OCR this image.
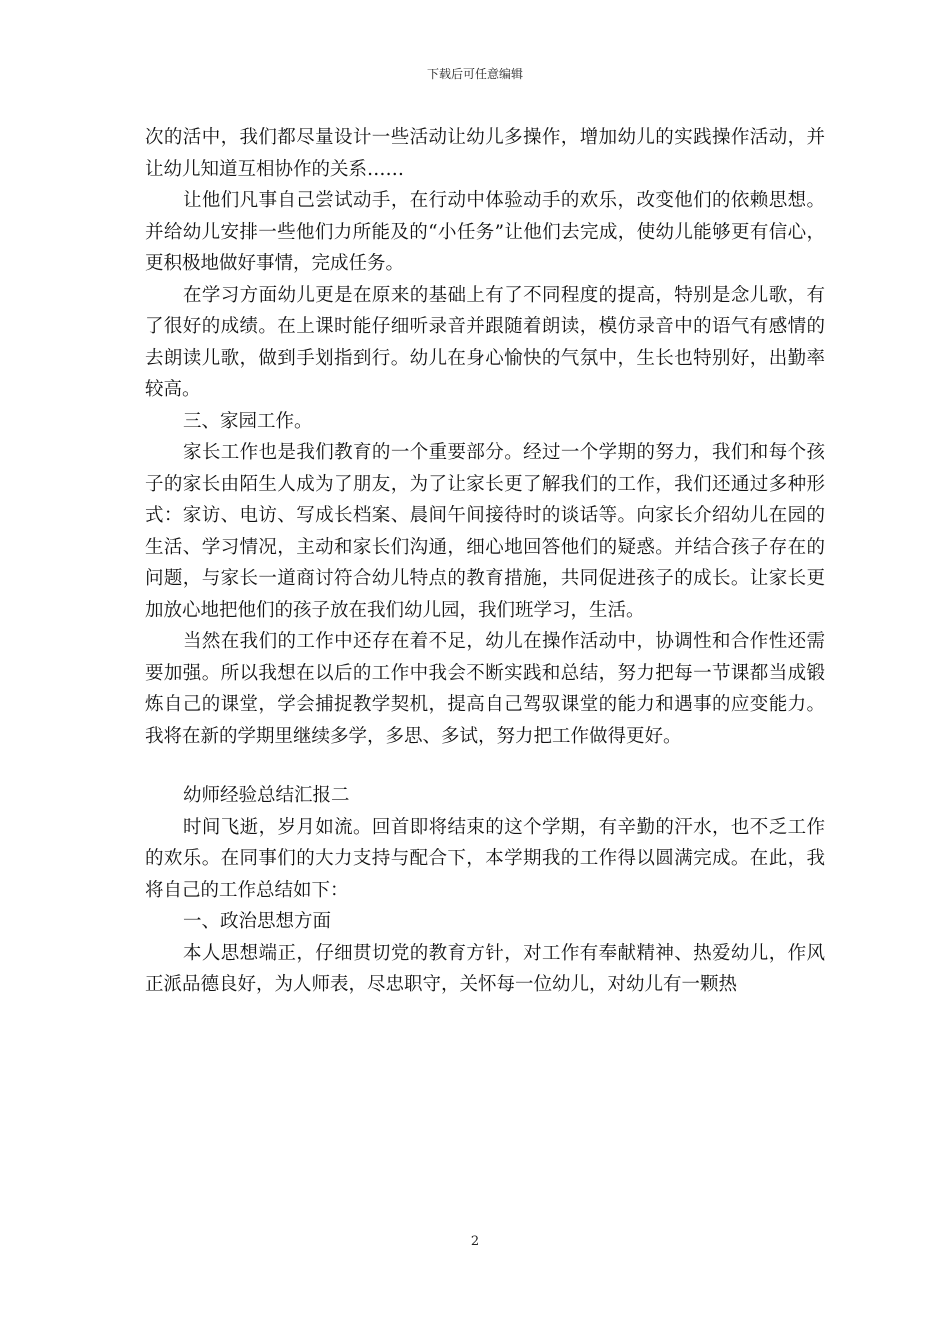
下载后可任意编辑

次的活中，我们都尽量设计一些活动让幼儿多操作，增加幼儿的实践操作活动，并让幼儿知道互相协作的关系……

让他们凡事自己尝试动手，在行动中体验动手的欢乐，改变他们的依赖思想。并给幼儿安排一些他们力所能及的“小任务”让他们去完成，使幼儿能够更有信心，更积极地做好事情，完成任务。

在学习方面幼儿更是在原来的基础上有了不同程度的提高，特别是念儿歌，有了很好的成绩。在上课时能仔细听录音并跟随着朗读，模仿录音中的语气有感情的去朗读儿歌，做到手划指到行。幼儿在身心愉快的气氛中，生长也特别好，出勤率较高。

三、家园工作。

家长工作也是我们教育的一个重要部分。经过一个学期的努力，我们和每个孩子的家长由陌生人成为了朋友，为了让家长更了解我们的工作，我们还通过多种形式：家访、电访、写成长档案、晨间午间接待时的谈话等。向家长介绍幼儿在园的生活、学习情况，主动和家长们沟通，细心地回答他们的疑惑。并结合孩子存在的问题，与家长一道商讨符合幼儿特点的教育措施，共同促进孩子的成长。让家长更加放心地把他们的孩子放在我们幼儿园，我们班学习，生活。

当然在我们的工作中还存在着不足，幼儿在操作活动中，协调性和合作性还需要加强。所以我想在以后的工作中我会不断实践和总结，努力把每一节课都当成锻炼自己的课堂，学会捕捉教学契机，提高自己驾驭课堂的能力和遇事的应变能力。我将在新的学期里继续多学，多思、多试，努力把工作做得更好。

幼师经验总结汇报二

时间飞逝，岁月如流。回首即将结束的这个学期，有辛勤的汗水，也不乏工作的欢乐。在同事们的大力支持与配合下，本学期我的工作得以圆满完成。在此，我将自己的工作总结如下：

一、政治思想方面

本人思想端正，仔细贯切党的教育方针，对工作有奉献精神、热爱幼儿，作风正派品德良好，为人师表，尽忠职守，关怀每一位幼儿，对幼儿有一颗热

2
